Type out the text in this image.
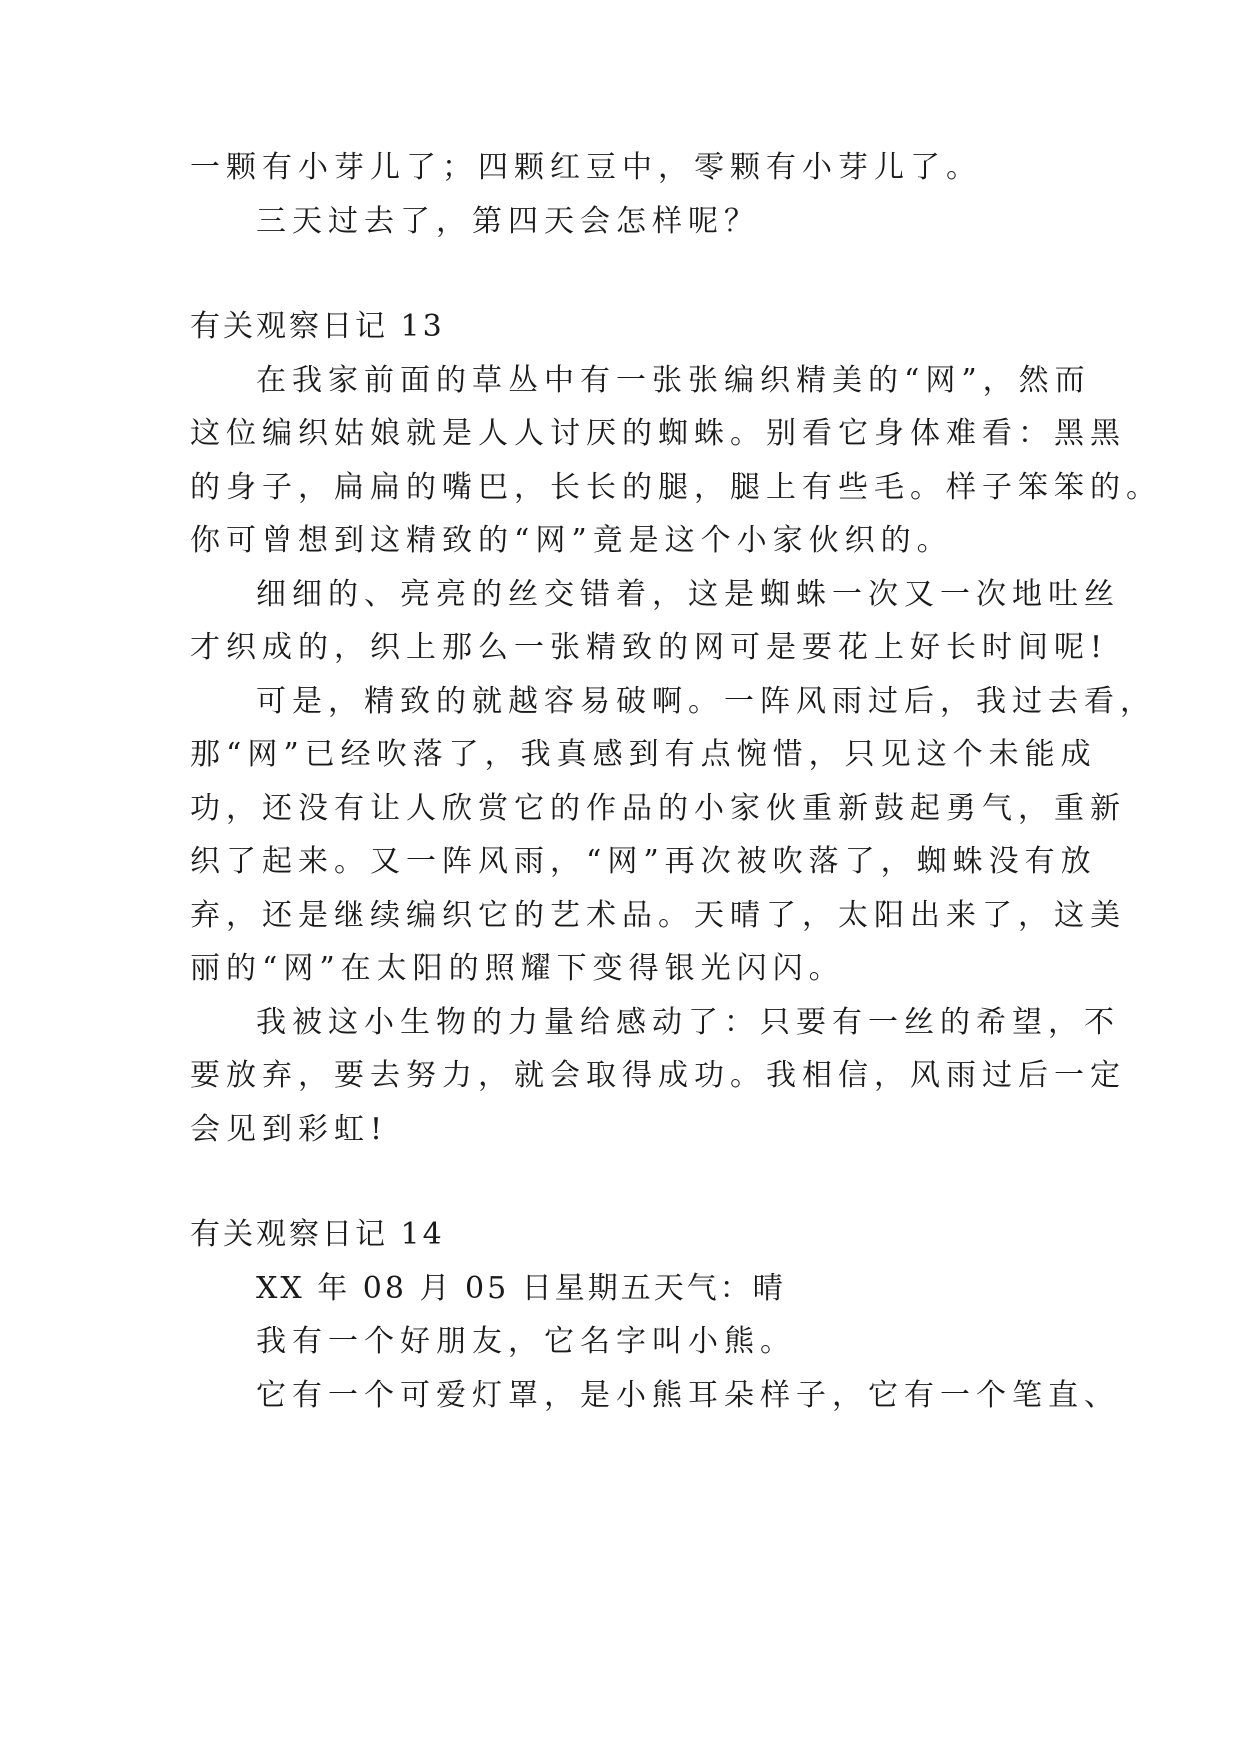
一颗有小芽儿了；四颗红豆中，零颗有小芽儿了。
三天过去了，第四天会怎样呢？
有关观察日记 13
在我家前面的草丛中有一张张编织精美的“网”，然而
这位编织姑娘就是人人讨厌的蜘蛛。别看它身体难看：黑黑
的身子，扁扁的嘴巴，长长的腿，腿上有些毛。样子笨笨的。
你可曾想到这精致的“网”竟是这个小家伙织的。
细细的、亮亮的丝交错着，这是蜘蛛一次又一次地吐丝
才织成的，织上那么一张精致的网可是要花上好长时间呢!
可是，精致的就越容易破啊。一阵风雨过后，我过去看，
那“网”已经吹落了，我真感到有点惋惜，只见这个未能成
功，还没有让人欣赏它的作品的小家伙重新鼓起勇气，重新
织了起来。又一阵风雨，“网”再次被吹落了，蜘蛛没有放
弃，还是继续编织它的艺术品。天晴了，太阳出来了，这美
丽的“网”在太阳的照耀下变得银光闪闪。
我被这小生物的力量给感动了：只要有一丝的希望，不
要放弃，要去努力，就会取得成功。我相信，风雨过后一定
会见到彩虹!
有关观察日记 14
XX 年 08 月 05 日星期五天气：晴
我有一个好朋友，它名字叫小熊。
它有一个可爱灯罩，是小熊耳朵样子，它有一个笔直、
